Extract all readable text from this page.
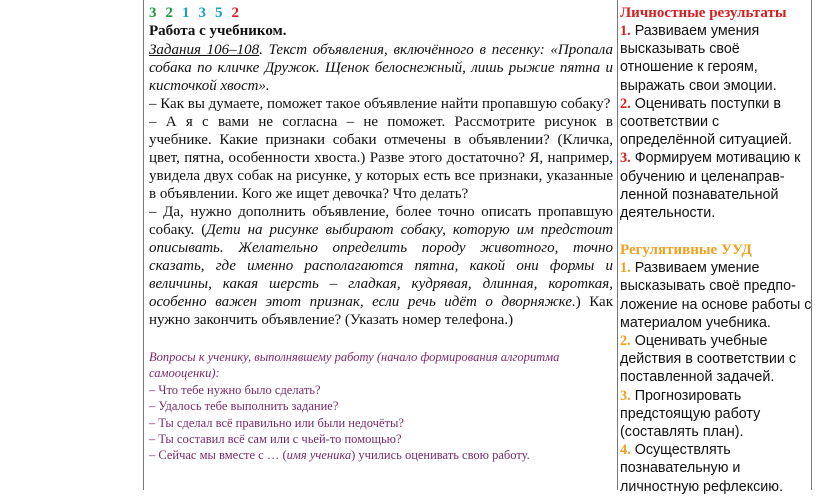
3 2 1 3 5 2
Работа с учебником.
Задания 106–108. Текст объявления, включённого в песенку: «Пропала собака по кличке Дружок. Щенок белоснежный, лишь рыжие пятна и кисточкой хвост».

– Как вы думаете, поможет такое объявление найти пропавшую собаку?

– А я с вами не согласна – не поможет. Рассмотрите рисунок в учебнике. Какие признаки собаки отмечены в объявлении? (Кличка, цвет, пятна, особенности хвоста.) Разве этого достаточно? Я, например, увидела двух собак на рисунке, у которых есть все признаки, указанные в объявлении. Кого же ищет девочка? Что делать?

– Да, нужно дополнить объявление, более точно описать пропавшую собаку. (Дети на рисунке выбирают собаку, которую им предстоит описывать. Желательно определить породу животного, точно сказать, где именно располагаются пятна, какой они формы и величины, какая шерсть – гладкая, кудрявая, длинная, короткая, особенно важен этот признак, если речь идёт о дворняжке.) Как нужно закончить объявление? (Указать номер телефона.)

Вопросы к ученику, выполнявшему работу (начало формирования алгоритма самооценки):
– Что тебе нужно было сделать?
– Удалось тебе выполнить задание?
– Ты сделал всё правильно или были недочёты?
– Ты составил всё сам или с чьей-то помощью?
– Сейчас мы вместе с … (имя ученика) учились оценивать свою работу.
Личностные результаты
1. Развиваем умения высказывать своё отношение к героям, выражать свои эмоции.
2. Оценивать поступки в соответствии с определённой ситуацией.
3. Формируем мотивацию к обучению и целенаправ-ленной познавательной деятельности.
Регулятивные УУД
1. Развиваем умение высказывать своё предпо-ложение на основе работы с материалом учебника.
2. Оценивать учебные действия в соответствии с поставленной задачей.
3. Прогнозировать предстоящую работу (составлять план).
4. Осуществлять познавательную и личностную рефлексию.
